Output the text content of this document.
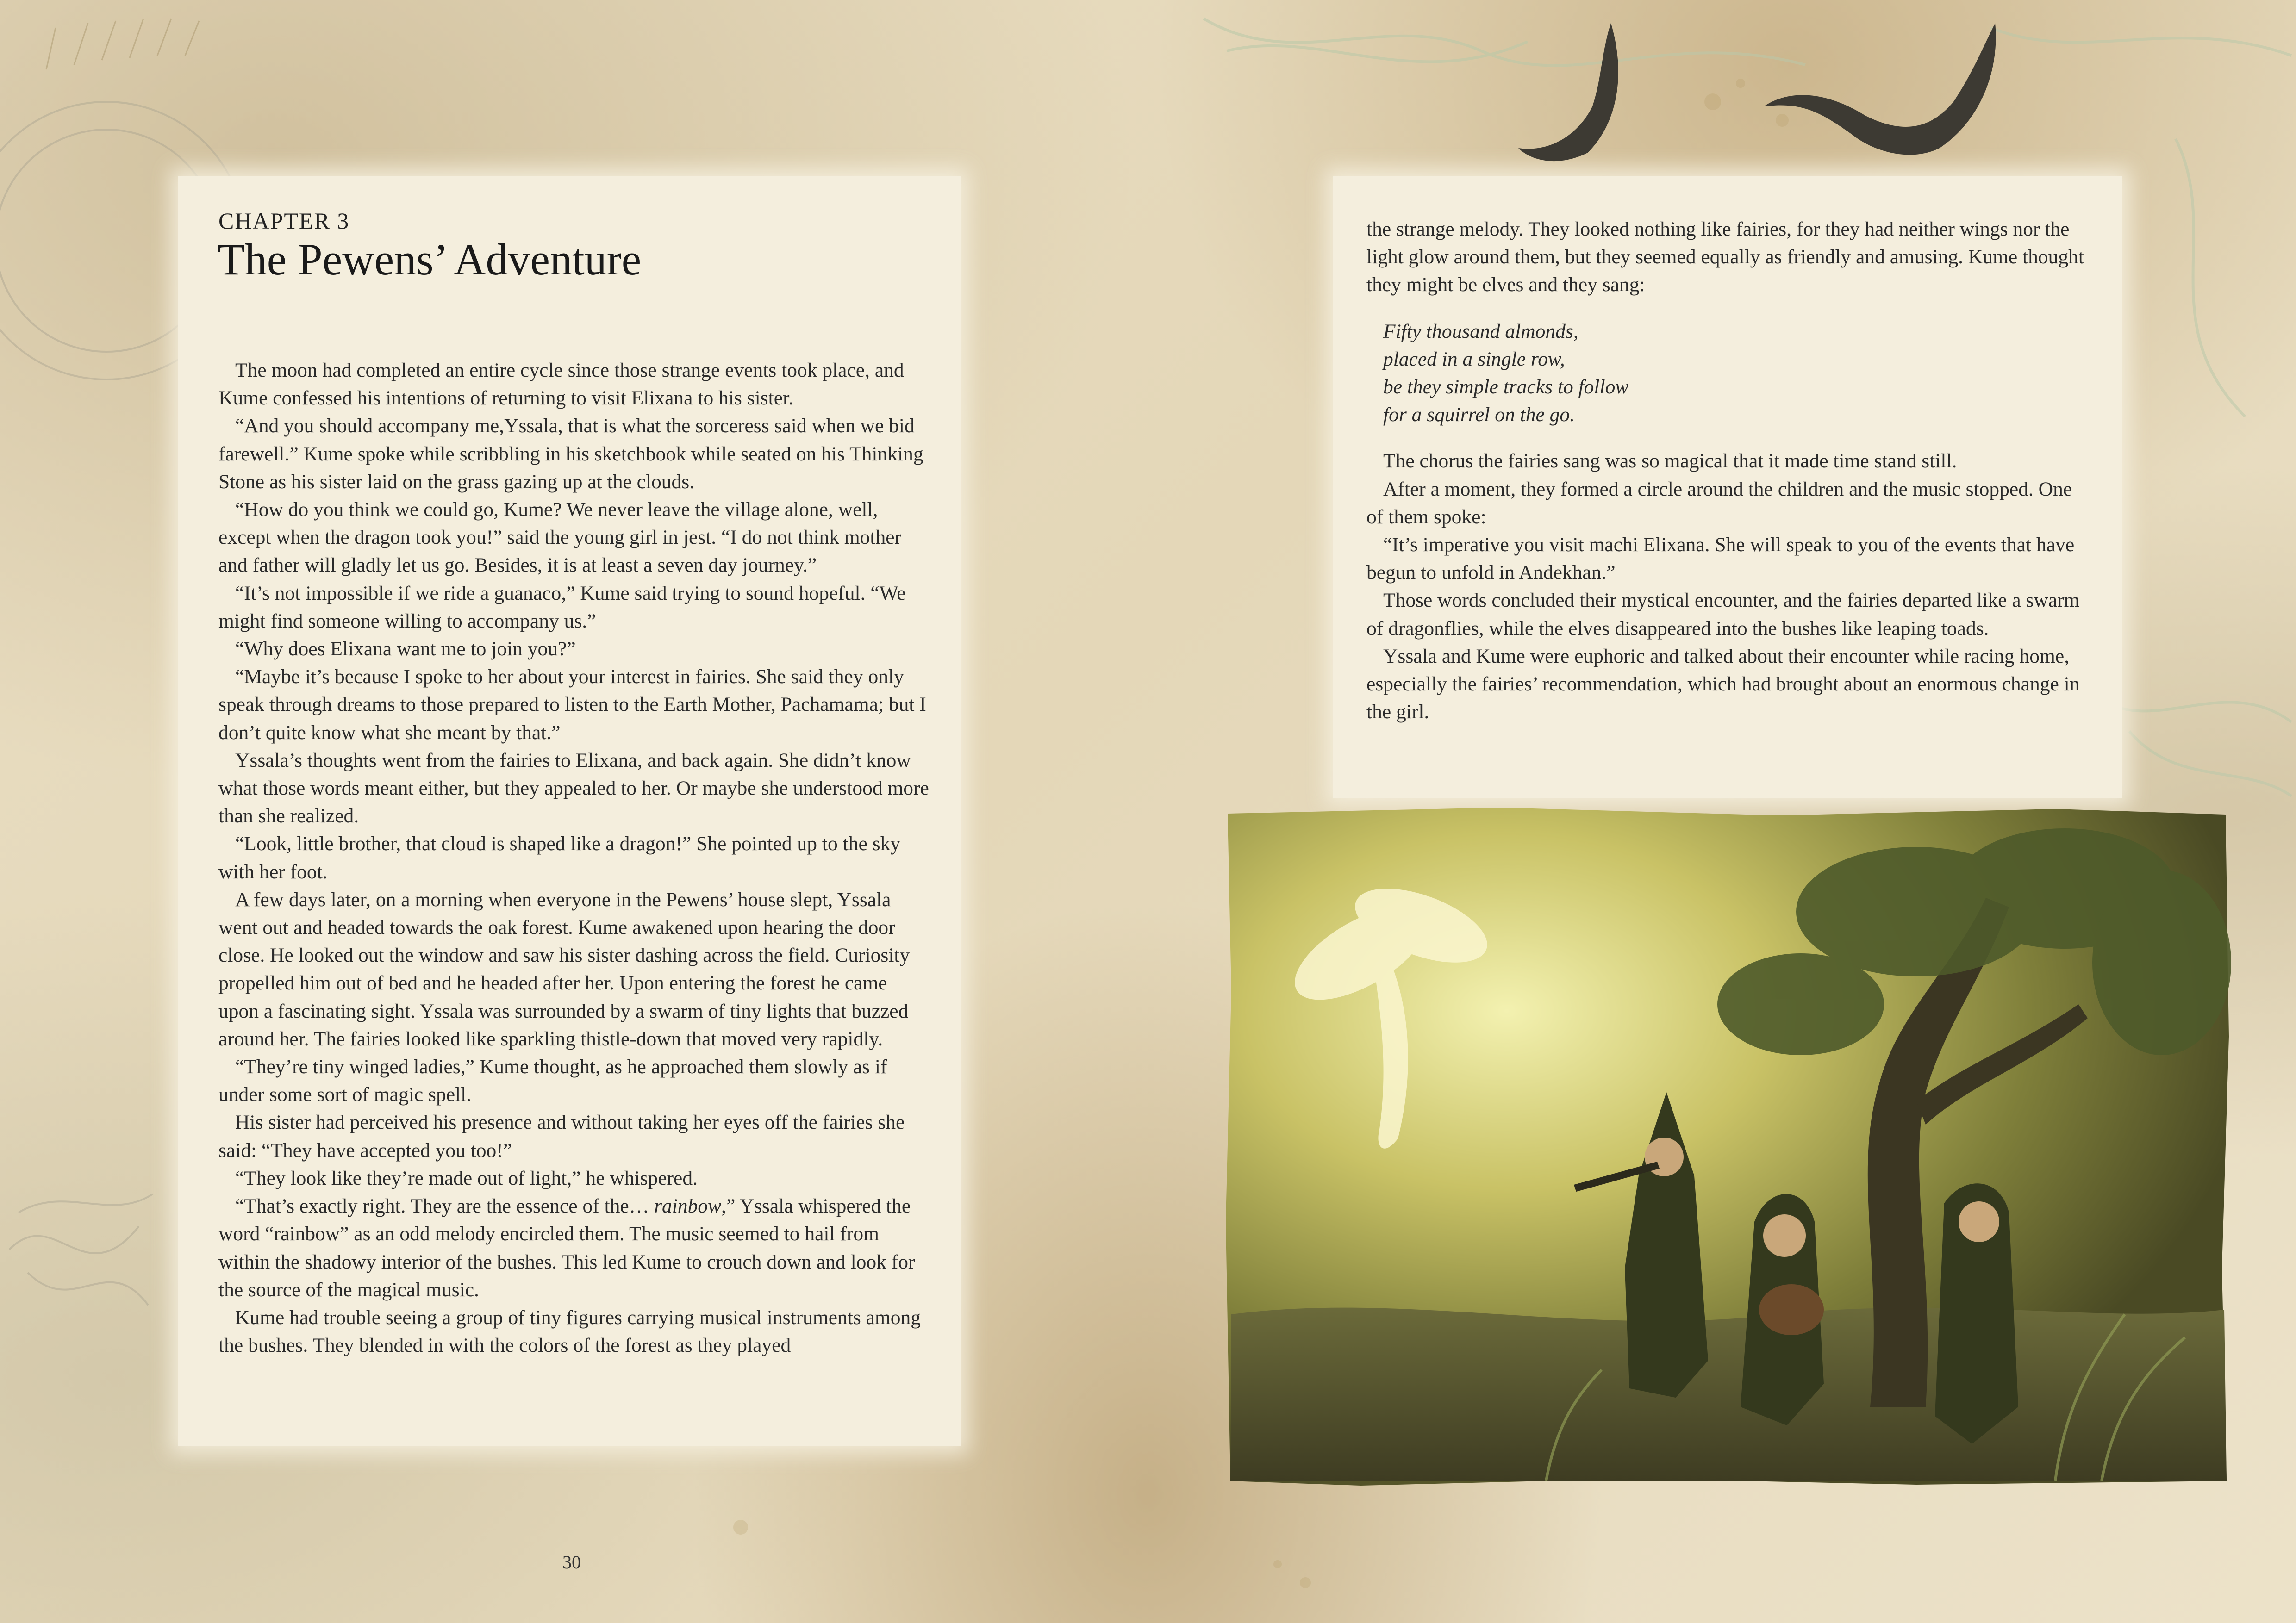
CHAPTER 3
The Pewens’ Adventure

The moon had completed an entire cycle since those strange events took place, and Kume confessed his intentions of returning to visit Elixana to his sister.

“And you should accompany me,Yssala, that is what the sorceress said when we bid farewell.” Kume spoke while scribbling in his sketchbook while seated on his Thinking Stone as his sister laid on the grass gazing up at the clouds.

“How do you think we could go, Kume? We never leave the village alone, well, except when the dragon took you!” said the young girl in jest. “I do not think mother and father will gladly let us go. Besides, it is at least a seven day journey.”

“It’s not impossible if we ride a guanaco,” Kume said trying to sound hopeful. “We might find someone willing to accompany us.”

“Why does Elixana want me to join you?”

“Maybe it’s because I spoke to her about your interest in fairies. She said they only speak through dreams to those prepared to listen to the Earth Mother, Pachamama; but I don’t quite know what she meant by that.”

Yssala’s thoughts went from the fairies to Elixana, and back again. She didn’t know what those words meant either, but they appealed to her. Or maybe she understood more than she realized.

“Look, little brother, that cloud is shaped like a dragon!” She pointed up to the sky with her foot.

A few days later, on a morning when everyone in the Pewens’ house slept, Yssala went out and headed towards the oak forest. Kume awakened upon hearing the door close. He looked out the window and saw his sister dashing across the field. Curiosity propelled him out of bed and he headed after her. Upon entering the forest he came upon a fascinating sight. Yssala was surrounded by a swarm of tiny lights that buzzed around her. The fairies looked like sparkling thistle-down that moved very rapidly.

“They’re tiny winged ladies,” Kume thought, as he approached them slowly as if under some sort of magic spell.

His sister had perceived his presence and without taking her eyes off the fairies she said: “They have accepted you too!”

“They look like they’re made out of light,” he whispered.

“That’s exactly right. They are the essence of the… rainbow,” Yssala whispered the word “rainbow” as an odd melody encircled them. The music seemed to hail from within the shadowy interior of the bushes. This led Kume to crouch down and look for the source of the magical music.

Kume had trouble seeing a group of tiny figures carrying musical instruments among the bushes. They blended in with the colors of the forest as they played

30

the strange melody. They looked nothing like fairies, for they had neither wings nor the light glow around them, but they seemed equally as friendly and amusing. Kume thought they might be elves and they sang:

Fifty thousand almonds,
placed in a single row,
be they simple tracks to follow
for a squirrel on the go.

The chorus the fairies sang was so magical that it made time stand still.

After a moment, they formed a circle around the children and the music stopped. One of them spoke:

“It’s imperative you visit machi Elixana. She will speak to you of the events that have begun to unfold in Andekhan.”

Those words concluded their mystical encounter, and the fairies departed like a swarm of dragonflies, while the elves disappeared into the bushes like leaping toads.

Yssala and Kume were euphoric and talked about their encounter while racing home, especially the fairies’ recommendation, which had brought about an enormous change in the girl.
